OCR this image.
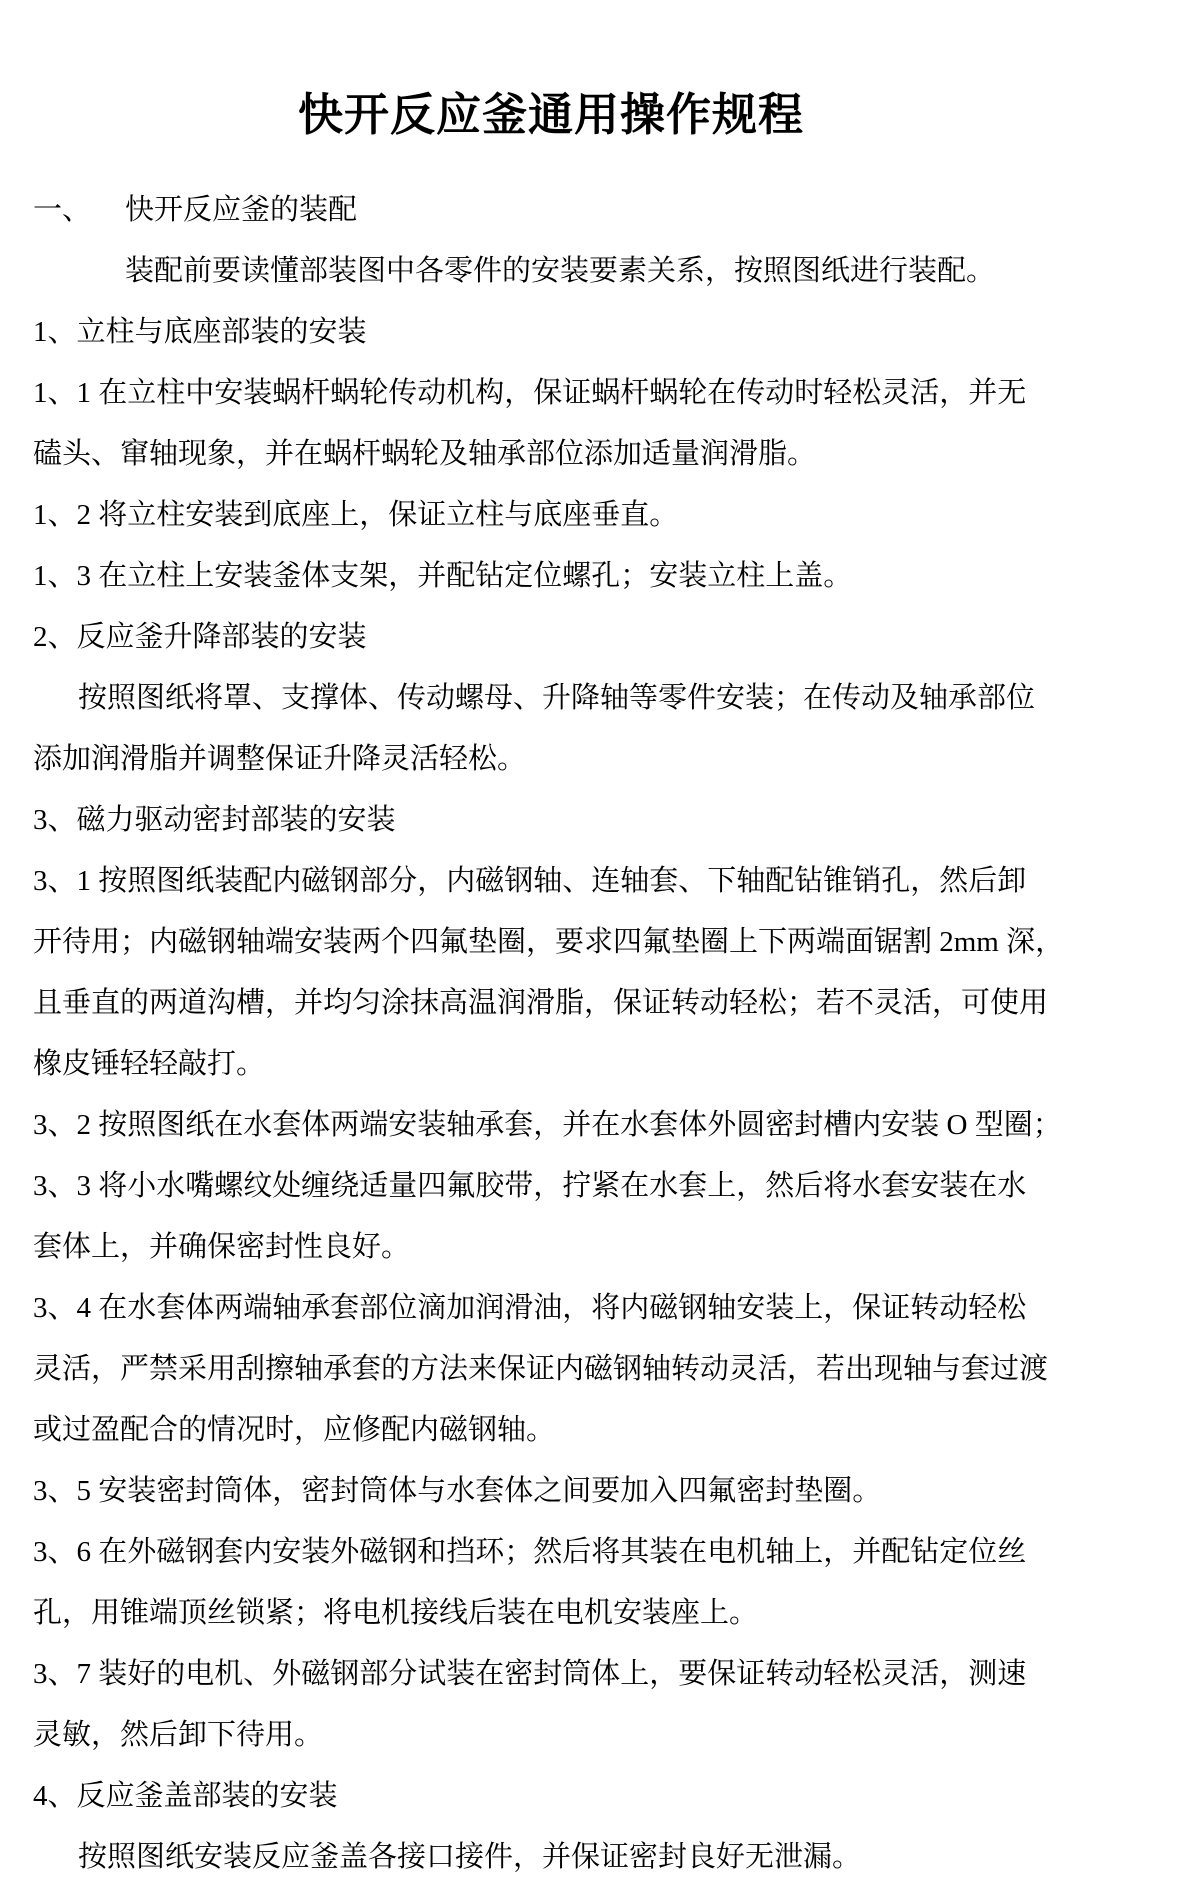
快开反应釜通用操作规程
一、 快开反应釜的装配
装配前要读懂部装图中各零件的安装要素关系，按照图纸进行装配。
1、立柱与底座部装的安装
1、1 在立柱中安装蜗杆蜗轮传动机构，保证蜗杆蜗轮在传动时轻松灵活，并无
磕头、窜轴现象，并在蜗杆蜗轮及轴承部位添加适量润滑脂。
1、2 将立柱安装到底座上，保证立柱与底座垂直。
1、3 在立柱上安装釜体支架，并配钻定位螺孔；安装立柱上盖。
2、反应釜升降部装的安装
按照图纸将罩、支撑体、传动螺母、升降轴等零件安装；在传动及轴承部位
添加润滑脂并调整保证升降灵活轻松。
3、磁力驱动密封部装的安装
3、1 按照图纸装配内磁钢部分，内磁钢轴、连轴套、下轴配钻锥销孔，然后卸
开待用；内磁钢轴端安装两个四氟垫圈，要求四氟垫圈上下两端面锯割 2mm 深，
且垂直的两道沟槽，并均匀涂抹高温润滑脂，保证转动轻松；若不灵活，可使用
橡皮锤轻轻敲打。
3、2 按照图纸在水套体两端安装轴承套，并在水套体外圆密封槽内安装 O 型圈；
3、3 将小水嘴螺纹处缠绕适量四氟胶带，拧紧在水套上，然后将水套安装在水
套体上，并确保密封性良好。
3、4 在水套体两端轴承套部位滴加润滑油，将内磁钢轴安装上，保证转动轻松
灵活，严禁采用刮擦轴承套的方法来保证内磁钢轴转动灵活，若出现轴与套过渡
或过盈配合的情况时，应修配内磁钢轴。
3、5 安装密封筒体，密封筒体与水套体之间要加入四氟密封垫圈。
3、6 在外磁钢套内安装外磁钢和挡环；然后将其装在电机轴上，并配钻定位丝
孔，用锥端顶丝锁紧；将电机接线后装在电机安装座上。
3、7 装好的电机、外磁钢部分试装在密封筒体上，要保证转动轻松灵活，测速
灵敏，然后卸下待用。
4、反应釜盖部装的安装
按照图纸安装反应釜盖各接口接件，并保证密封良好无泄漏。
